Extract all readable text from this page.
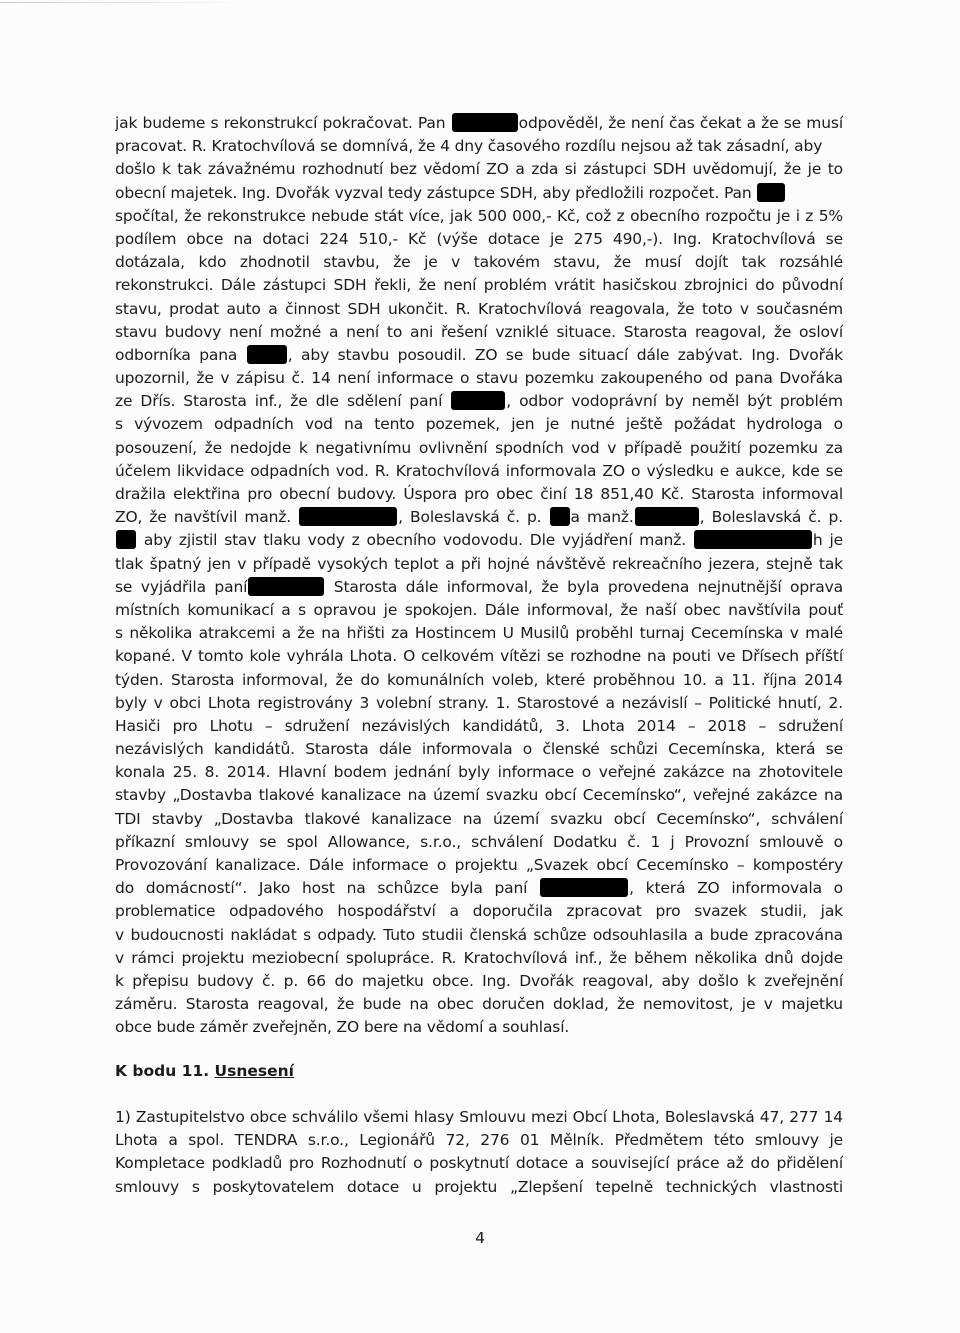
jak budeme s rekonstrukcí pokračovat. Pan	odpověděl, že není čas čekat a že se musí
pracovat. R. Kratochvílová se domnívá, že 4 dny časového rozdílu nejsou až tak zásadní, aby
došlo k tak závažnému rozhodnutí bez vědomí ZO a zda si zástupci SDH uvědomují, že je to
obecní majetek. Ing. Dvořák vyzval tedy zástupce SDH, aby předložili rozpočet. Pan
spočítal, že rekonstrukce nebude stát více, jak 500 000,- Kč, což z obecního rozpočtu je i z 5%
podílem obce na dotaci 224 510,- Kč (výše dotace je 275 490,-). Ing. Kratochvílová se
dotázala, kdo zhodnotil stavbu, že je v takovém stavu, že musí dojít tak rozsáhlé
rekonstrukci. Dále zástupci SDH řekli, že není problém vrátit hasičskou zbrojnici do původní
stavu, prodat auto a činnost SDH ukončit. R. Kratochvílová reagovala, že toto v současném
stavu budovy není možné a není to ani řešení vzniklé situace. Starosta reagoval, že osloví
odborníka pana	, aby stavbu posoudil. ZO se bude situací dále zabývat. Ing. Dvořák
upozornil, že v zápisu č. 14 není informace o stavu pozemku zakoupeného od pana Dvořáka
ze Dřís. Starosta inf., že dle sdělení paní	, odbor vodoprávní by neměl být problém
s vývozem odpadních vod na tento pozemek, jen je nutné ještě požádat hydrologa o
posouzení, že nedojde k negativnímu ovlivnění spodních vod v případě použití pozemku za
účelem likvidace odpadních vod. R. Kratochvílová informovala ZO o výsledku e aukce, kde se
dražila elektřina pro obecní budovy. Úspora pro obec činí 18 851,40 Kč. Starosta informoval
ZO, že navštívil manž.	, Boleslavská č. p. a manž.	, Boleslavská č. p.
aby zjistil stav tlaku vody z obecního vodovodu. Dle vyjádření manž.	h je
tlak špatný jen v případě vysokých teplot a při hojné návštěvě rekreačního jezera, stejně tak
se vyjádřila paní	Starosta dále informoval, že byla provedena nejnutnější oprava
místních komunikací a s opravou je spokojen. Dále informoval, že naší obec navštívila pouť
s několika atrakcemi a že na hřišti za Hostincem U Musilů proběhl turnaj Cecemínska v malé
kopané. V tomto kole vyhrála Lhota. O celkovém vítězi se rozhodne na pouti ve Dřísech příští
týden. Starosta informoval, že do komunálních voleb, které proběhnou 10. a 11. října 2014
byly v obci Lhota registrovány 3 volební strany. 1. Starostové a nezávislí – Politické hnutí, 2.
Hasiči pro Lhotu – sdružení nezávislých kandidátů, 3. Lhota 2014 – 2018 – sdružení
nezávislých kandidátů. Starosta dále informovala o členské schůzi Cecemínska, která se
konala 25. 8. 2014. Hlavní bodem jednání byly informace o veřejné zakázce na zhotovitele
stavby „Dostavba tlakové kanalizace na území svazku obcí Cecemínsko“, veřejné zakázce na
TDI stavby „Dostavba tlakové kanalizace na území svazku obcí Cecemínsko“, schválení
příkazní smlouvy se spol Allowance, s.r.o., schválení Dodatku č. 1 j Provozní smlouvě o
Provozování kanalizace. Dále informace o projektu „Svazek obcí Cecemínsko – kompostéry
do domácností“. Jako host na schůzce byla paní	, která ZO informovala o
problematice odpadového hospodářství a doporučila zpracovat pro svazek studii, jak
v budoucnosti nakládat s odpady. Tuto studii členská schůze odsouhlasila a bude zpracována
v rámci projektu meziobecní spolupráce. R. Kratochvílová inf., že během několika dnů dojde
k přepisu budovy č. p. 66 do majetku obce. Ing. Dvořák reagoval, aby došlo k zveřejnění
záměru. Starosta reagoval, že bude na obec doručen doklad, že nemovitost, je v majetku
obce bude záměr zveřejněn, ZO bere na vědomí a souhlasí.
K bodu 11. Usnesení
1) Zastupitelstvo obce schválilo všemi hlasy Smlouvu mezi Obcí Lhota, Boleslavská 47, 277 14
Lhota a spol. TENDRA s.r.o., Legionářů 72, 276 01 Mělník. Předmětem této smlouvy je
Kompletace podkladů pro Rozhodnutí o poskytnutí dotace a související práce až do přidělení
smlouvy s poskytovatelem dotace u projektu „Zlepšení tepelně technických vlastnosti
4
